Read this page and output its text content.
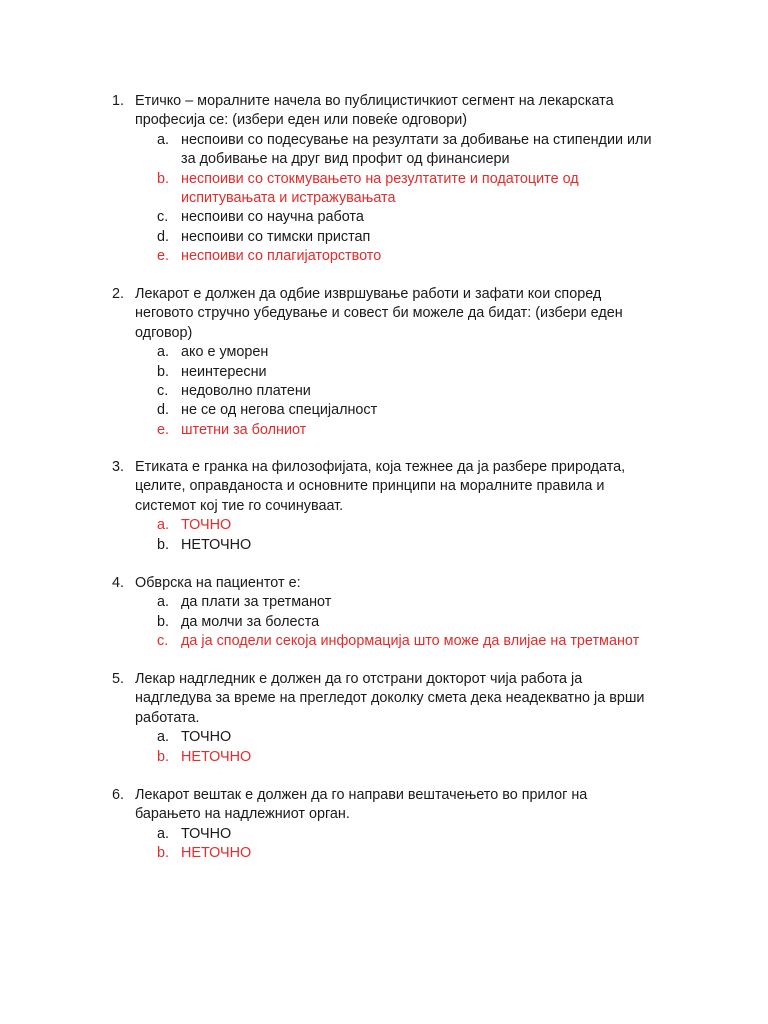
1. Етичко – моралните начела во публицистичкиот сегмент на лекарската
професија се: (избери еден или повеќе одговори)
a. неспоиви со подесување на резултати за добивање на стипендии или
за добивање на друг вид профит од финансиери
b. неспоиви со стокмувањето на резултатите и податоците од
испитувањата и истражувањата
c. неспоиви со научна работа
d. неспоиви со тимски пристап
e. неспоиви со плагијаторството
2. Лекарот е должен да одбие извршување работи и зафати кои според
неговото стручно убедување и совест би можеле да бидат: (избери еден
одговор)
a. ако е уморен
b. неинтересни
c. недоволно платени
d. не се од негова специјалност
e. штетни за болниот
3. Етиката е гранка на филозофијата, која тежнее да ја разбере природата,
целите, оправданоста и основните принципи на моралните правила и
системот кој тие го сочинуваат.
a. ТОЧНО
b. НЕТОЧНО
4. Обврска на пациентот е:
a. да плати за третманот
b. да молчи за болеста
c. да ја сподели секоја информација што може да влијае на третманот
5. Лекар надгледник е должен да го отстрани докторот чија работа ја
надгледува за време на прегледот доколку смета дека неадекватно ја врши
работата.
a. ТОЧНО
b. НЕТОЧНО
6. Лекарот вештак е должен да го направи вештачењето во прилог на
барањето на надлежниот орган.
a. ТОЧНО
b. НЕТОЧНО
